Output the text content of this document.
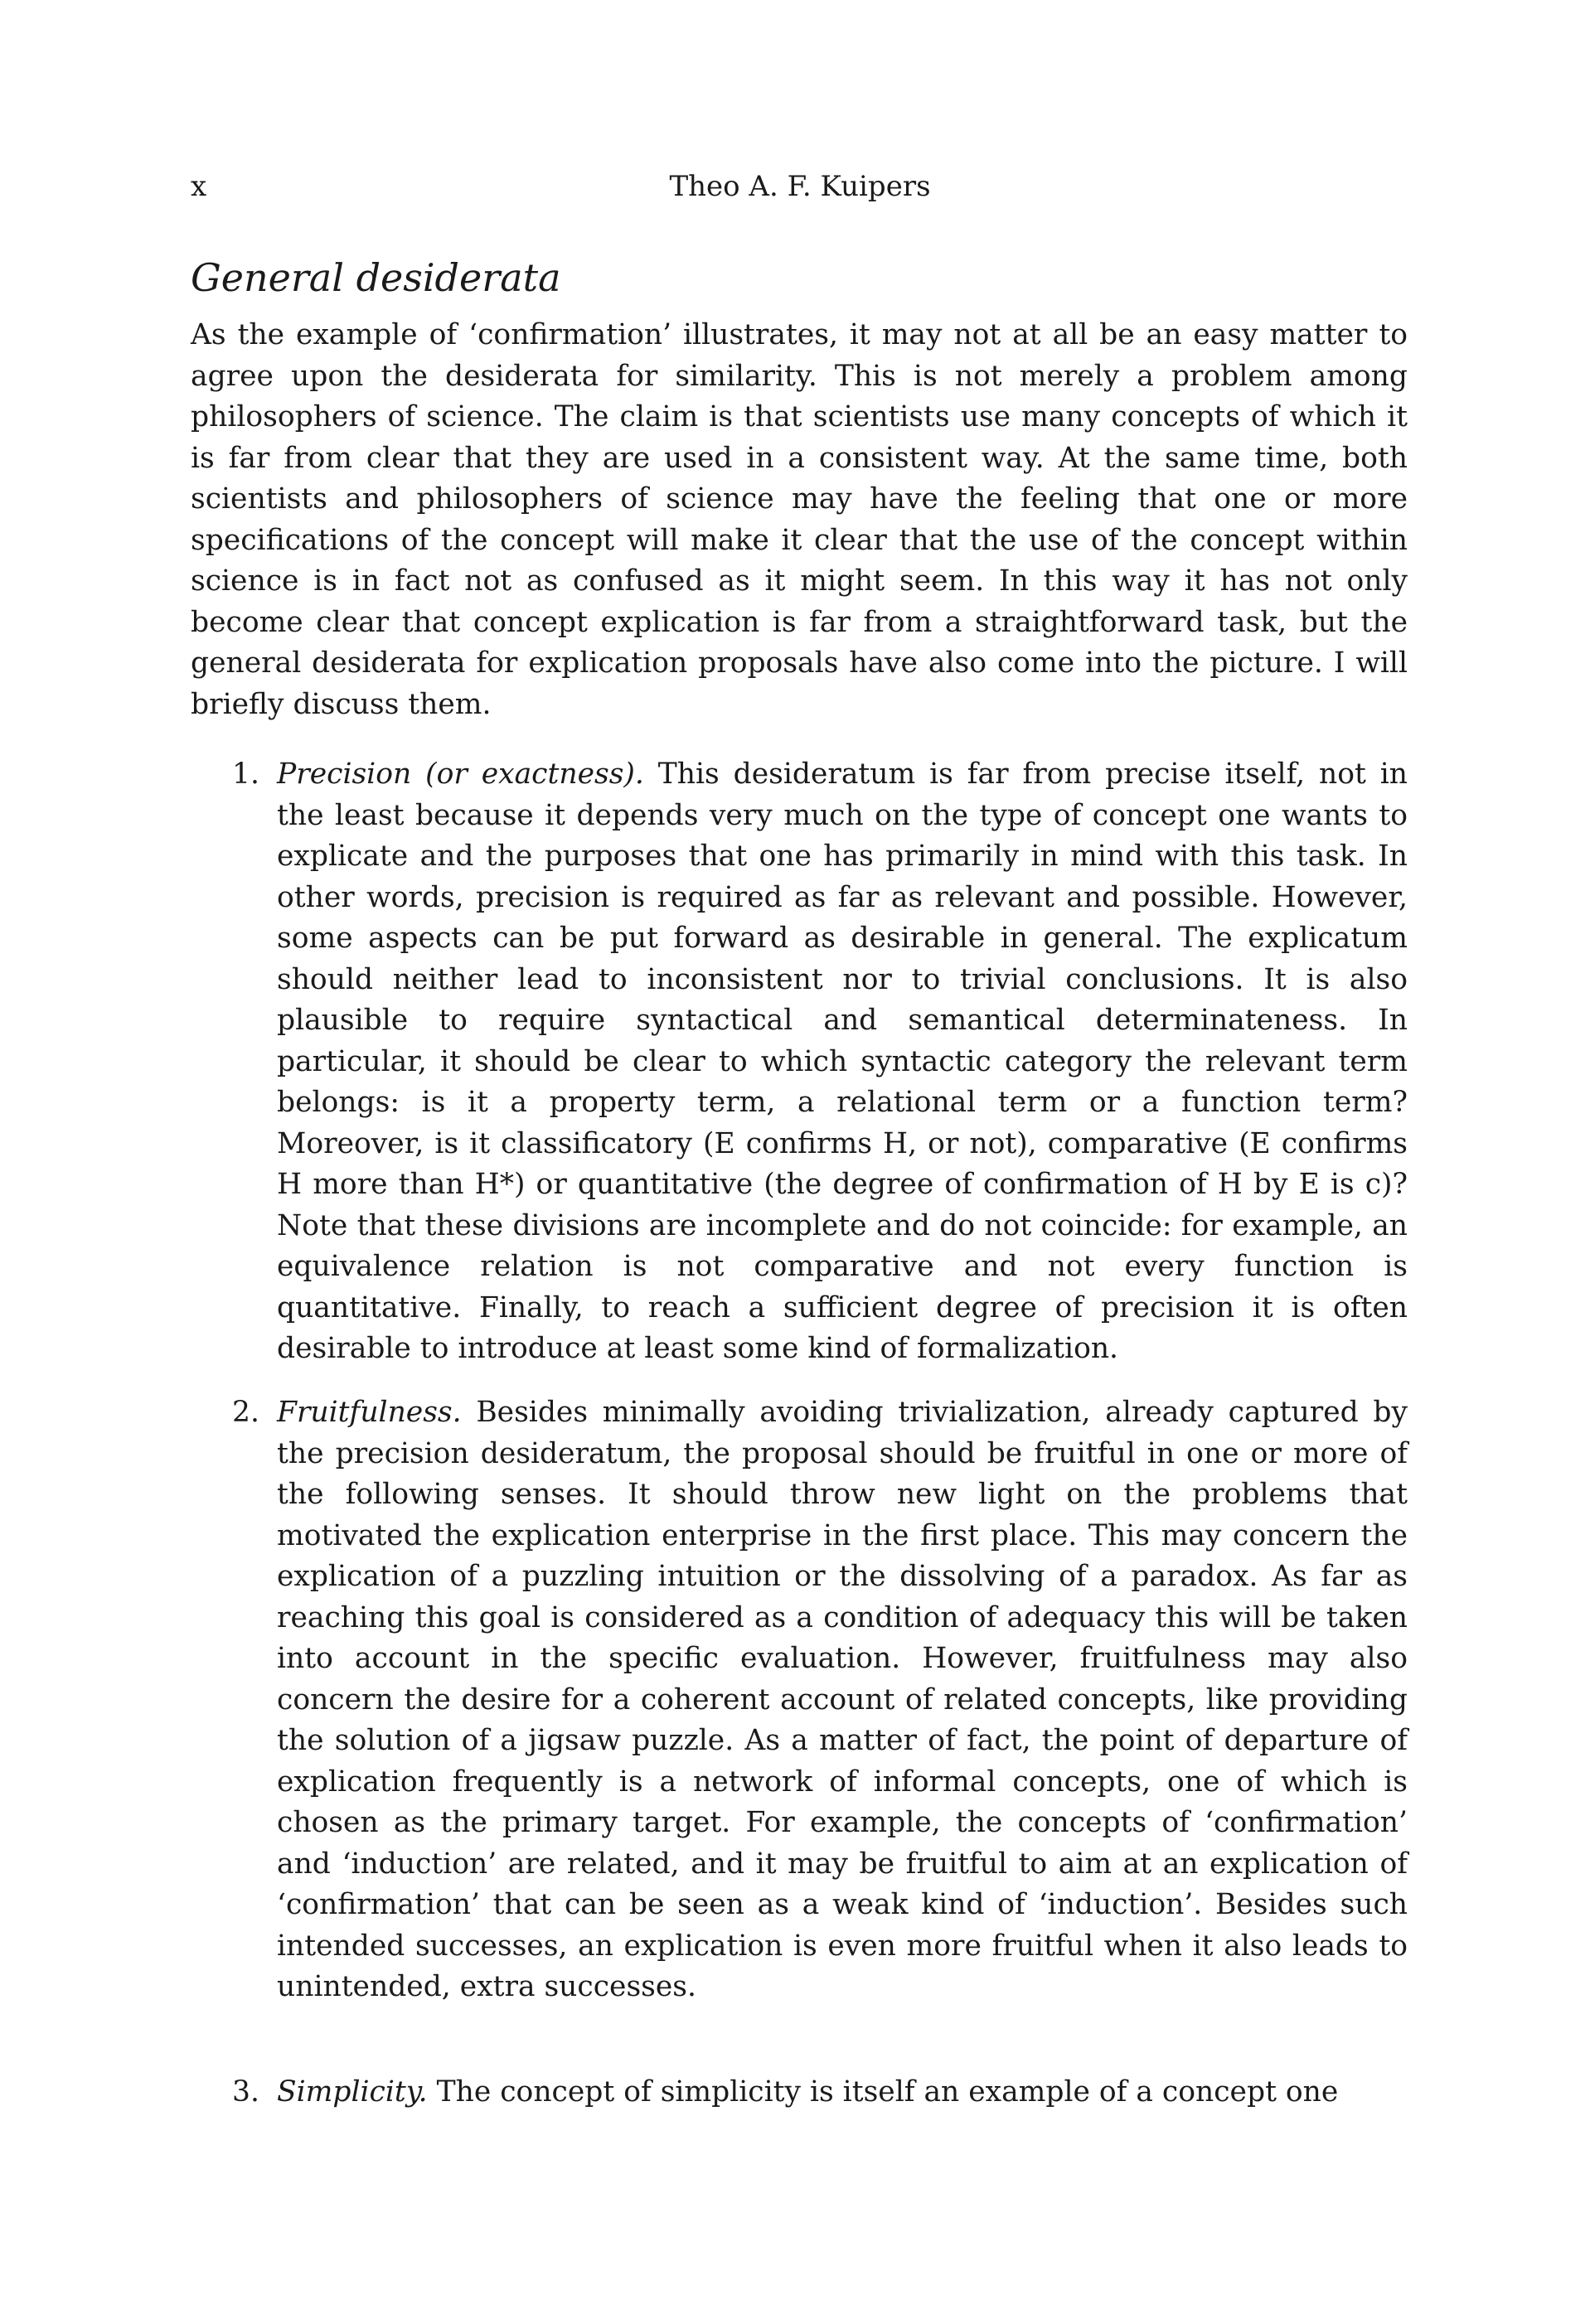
x	Theo A. F. Kuipers
General desiderata

As the example of ‘confirmation’ illustrates, it may not at all be an easy matter to agree upon the desiderata for similarity. This is not merely a problem among philosophers of science. The claim is that scientists use many concepts of which it is far from clear that they are used in a consistent way. At the same time, both scientists and philosophers of science may have the feeling that one or more specifications of the concept will make it clear that the use of the concept within science is in fact not as confused as it might seem. In this way it has not only become clear that concept explication is far from a straightforward task, but the general desiderata for explication proposals have also come into the picture. I will briefly discuss them.

1. Precision (or exactness). This desideratum is far from precise itself, not in the least because it depends very much on the type of concept one wants to explicate and the purposes that one has primarily in mind with this task. In other words, precision is required as far as relevant and possible. However, some aspects can be put forward as desirable in general. The explicatum should neither lead to inconsistent nor to trivial conclusions. It is also plausible to require syntactical and semantical determinateness. In particular, it should be clear to which syntactic category the relevant term belongs: is it a property term, a relational term or a function term? Moreover, is it classificatory (E confirms H, or not), comparative (E confirms H more than H*) or quantitative (the degree of confirmation of H by E is c)? Note that these divisions are incomplete and do not coincide: for example, an equivalence relation is not comparative and not every function is quantitative. Finally, to reach a sufficient degree of precision it is often desirable to introduce at least some kind of formalization.
2. Fruitfulness. Besides minimally avoiding trivialization, already captured by the precision desideratum, the proposal should be fruitful in one or more of the following senses. It should throw new light on the problems that motivated the explication enterprise in the first place. This may concern the explication of a puzzling intuition or the dissolving of a paradox. As far as reaching this goal is considered as a condition of adequacy this will be taken into account in the specific evaluation. However, fruitfulness may also concern the desire for a coherent account of related concepts, like providing the solution of a jigsaw puzzle. As a matter of fact, the point of departure of explication frequently is a network of informal concepts, one of which is chosen as the primary target. For example, the concepts of ‘confirmation’ and ‘induction’ are related, and it may be fruitful to aim at an explication of ‘confirmation’ that can be seen as a weak kind of ‘induction’. Besides such intended successes, an explication is even more fruitful when it also leads to unintended, extra successes.
3. Simplicity. The concept of simplicity is itself an example of a concept one
